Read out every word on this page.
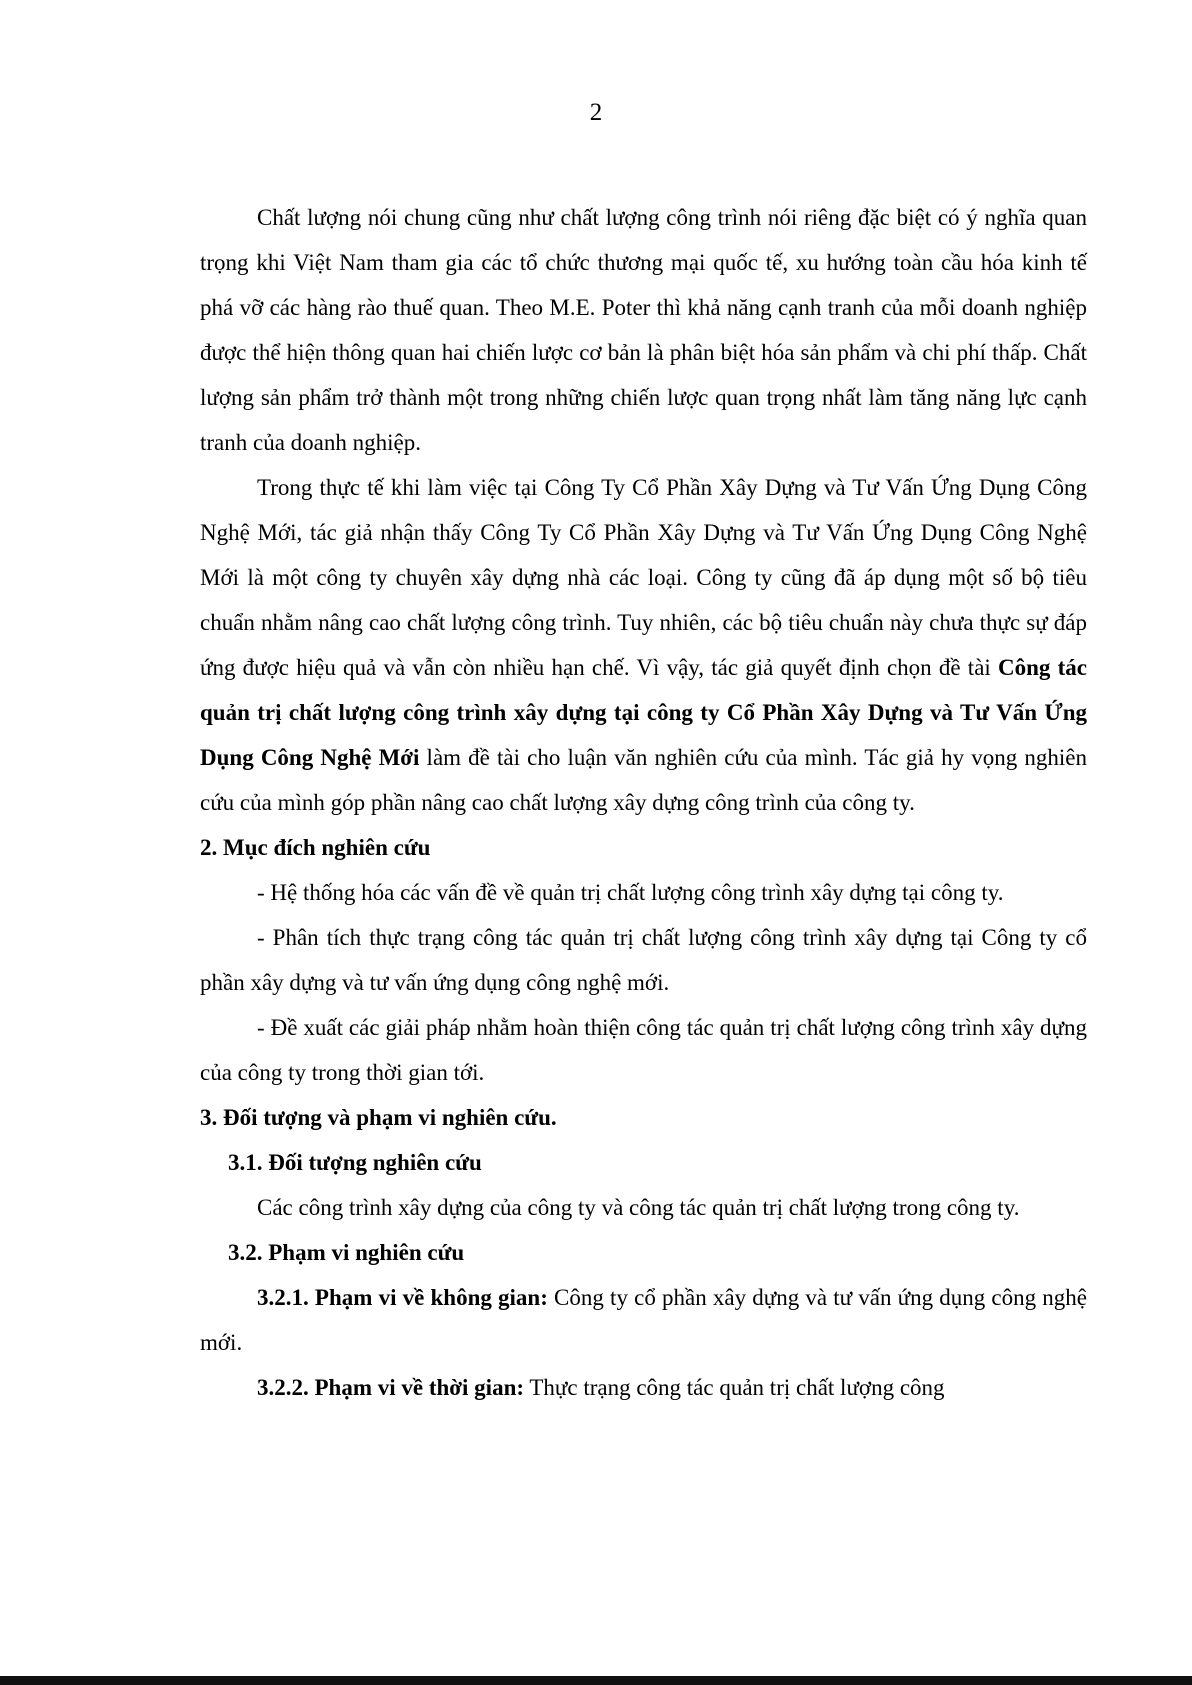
2

Chất lượng nói chung cũng như chất lượng công trình nói riêng đặc biệt có ý nghĩa quan trọng khi Việt Nam tham gia các tổ chức thương mại quốc tế, xu hướng toàn cầu hóa kinh tế phá vỡ các hàng rào thuế quan. Theo M.E. Poter thì khả năng cạnh tranh của mỗi doanh nghiệp được thể hiện thông quan hai chiến lược cơ bản là phân biệt hóa sản phẩm và chi phí thấp. Chất lượng sản phẩm trở thành một trong những chiến lược quan trọng nhất làm tăng năng lực cạnh tranh của doanh nghiệp.

Trong thực tế khi làm việc tại Công Ty Cổ Phần Xây Dựng và Tư Vấn Ứng Dụng Công Nghệ Mới, tác giả nhận thấy Công Ty Cổ Phần Xây Dựng và Tư Vấn Ứng Dụng Công Nghệ Mới là một công ty chuyên xây dựng nhà các loại. Công ty cũng đã áp dụng một số bộ tiêu chuẩn nhằm nâng cao chất lượng công trình. Tuy nhiên, các bộ tiêu chuẩn này chưa thực sự đáp ứng được hiệu quả và vẫn còn nhiều hạn chế. Vì vậy, tác giả quyết định chọn đề tài Công tác quản trị chất lượng công trình xây dựng tại công ty Cổ Phần Xây Dựng và Tư Vấn Ứng Dụng Công Nghệ Mới làm đề tài cho luận văn nghiên cứu của mình. Tác giả hy vọng nghiên cứu của mình góp phần nâng cao chất lượng xây dựng công trình của công ty.

2. Mục đích nghiên cứu

- Hệ thống hóa các vấn đề về quản trị chất lượng công trình xây dựng tại công ty.

- Phân tích thực trạng công tác quản trị chất lượng công trình xây dựng tại Công ty cổ phần xây dựng và tư vấn ứng dụng công nghệ mới.

- Đề xuất các giải pháp nhằm hoàn thiện công tác quản trị chất lượng công trình xây dựng của công ty trong thời gian tới.

3. Đối tượng và phạm vi nghiên cứu.

3.1. Đối tượng nghiên cứu

Các công trình xây dựng của công ty và công tác quản trị chất lượng trong công ty.

3.2. Phạm vi nghiên cứu

3.2.1. Phạm vi về không gian: Công ty cổ phần xây dựng và tư vấn ứng dụng công nghệ mới.

3.2.2. Phạm vi về thời gian: Thực trạng công tác quản trị chất lượng công
